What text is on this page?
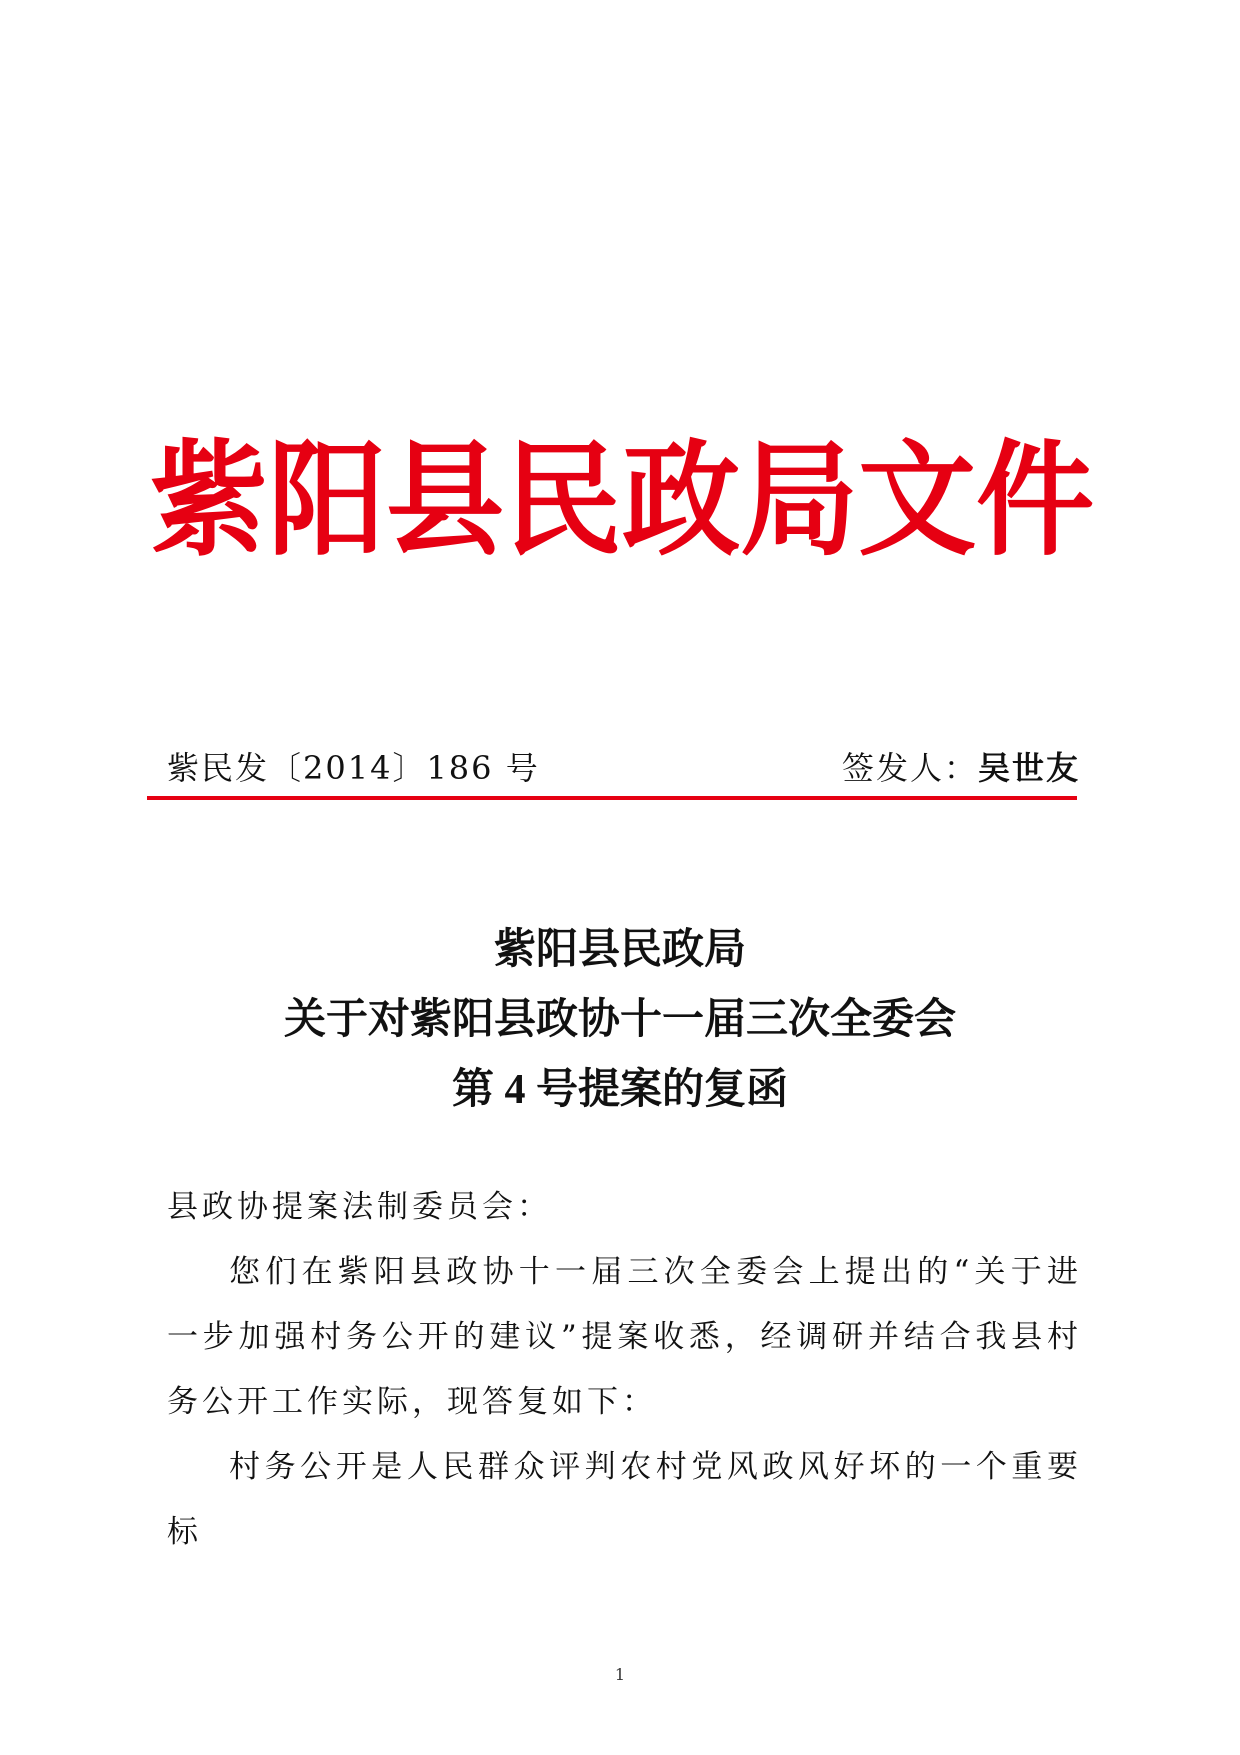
紫 阳 县 民 政 局 文 件
紫民发〔2014〕186 号	签发人：吴世友
紫阳县民政局
关于对紫阳县政协十一届三次全委会
第 4 号提案的复函

县政协提案法制委员会：

您们在紫阳县政协十一届三次全委会上提出的“关于进一步加强村务公开的建议”提案收悉，经调研并结合我县村务公开工作实际，现答复如下：

村务公开是人民群众评判农村党风政风好坏的一个重要标

1
